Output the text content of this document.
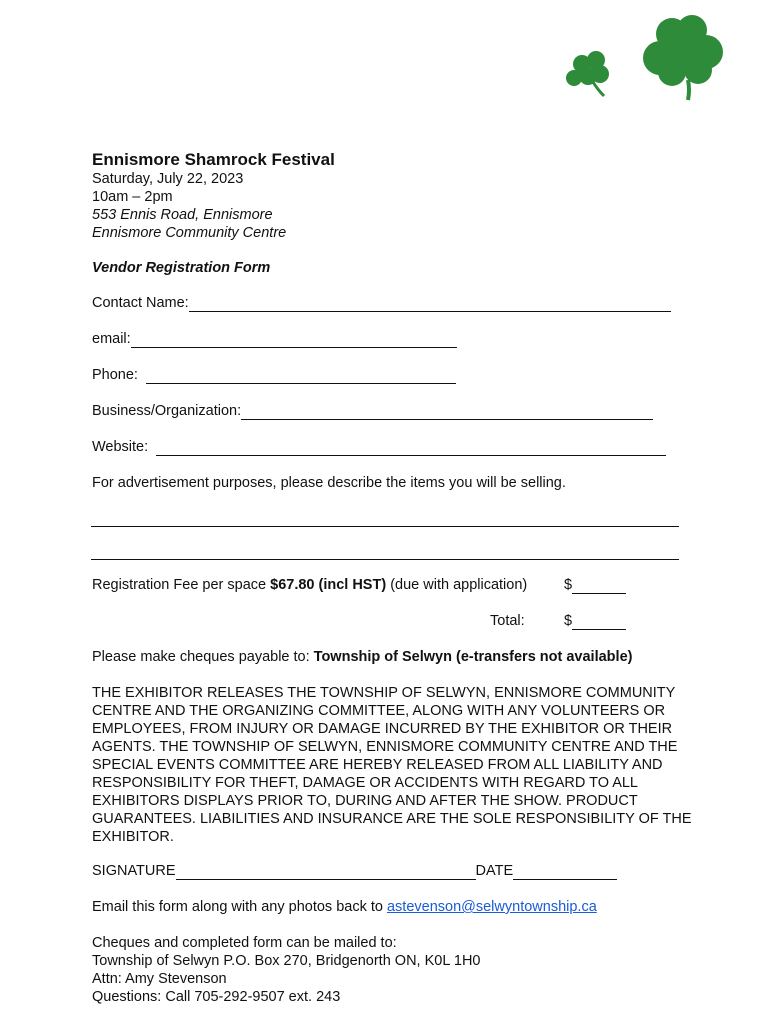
Ennismore Shamrock Festival
Saturday, July 22, 2023
10am – 2pm
553 Ennis Road, Ennismore
Ennismore Community Centre
Vendor Registration Form
Contact Name:
email:
Phone:
Business/Organization:
Website:
For advertisement purposes, please describe the items you will be selling.
Registration Fee per space $67.80 (incl HST) (due with application)	$
Total:	$
Please make cheques payable to: Township of Selwyn (e-transfers not available)
THE EXHIBITOR RELEASES THE TOWNSHIP OF SELWYN, ENNISMORE COMMUNITY CENTRE AND THE ORGANIZING COMMITTEE, ALONG WITH ANY VOLUNTEERS OR EMPLOYEES, FROM INJURY OR DAMAGE INCURRED BY THE EXHIBITOR OR THEIR AGENTS. THE TOWNSHIP OF SELWYN, ENNISMORE COMMUNITY CENTRE AND THE SPECIAL EVENTS COMMITTEE ARE HEREBY RELEASED FROM ALL LIABILITY AND RESPONSIBILITY FOR THEFT, DAMAGE OR ACCIDENTS WITH REGARD TO ALL EXHIBITORS DISPLAYS PRIOR TO, DURING AND AFTER THE SHOW. PRODUCT GUARANTEES. LIABILITIES AND INSURANCE ARE THE SOLE RESPONSIBILITY OF THE EXHIBITOR.
SIGNATURE	DATE
Email this form along with any photos back to astevenson@selwyntownship.ca
Cheques and completed form can be mailed to:
Township of Selwyn P.O. Box 270, Bridgenorth ON, K0L 1H0
Attn: Amy Stevenson
Questions: Call 705-292-9507 ext. 243
